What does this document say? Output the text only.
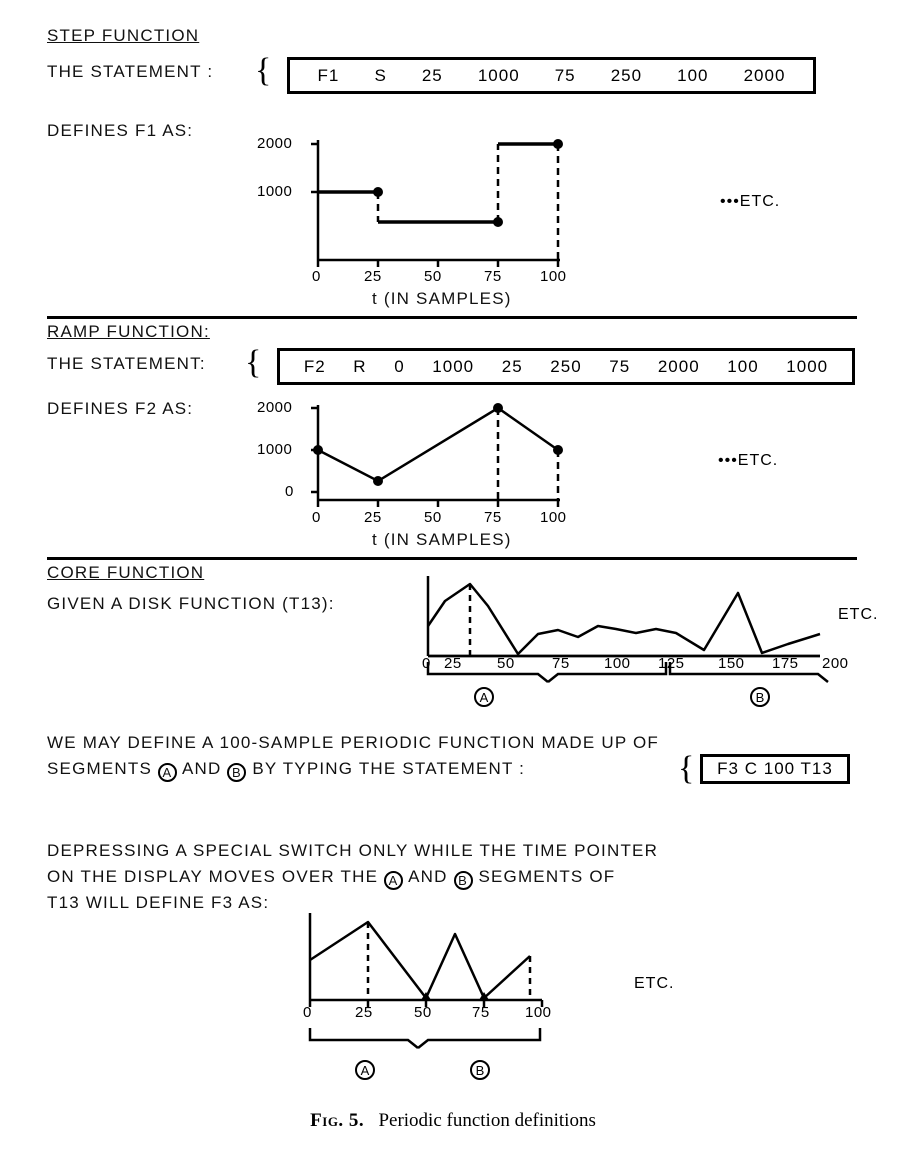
STEP FUNCTION
THE STATEMENT : {	F1 S 25 1000 75 250 100 2000
DEFINES F1 AS:
2000
1000
0	25	50	75	100
•••ETC.
t (IN SAMPLES)
RAMP FUNCTION:
THE STATEMENT: { F2 R 0 1000 25 250 75 2000 100 1000
DEFINES F2 AS:	2000
1000
0
0	25	50	75	100
•••ETC.
t (IN SAMPLES)
CORE FUNCTION
GIVEN A DISK FUNCTION (T13):
ETC.
0 25 50 75 100 125 150 175 200
A	B
WE MAY DEFINE A 100-SAMPLE PERIODIC FUNCTION MADE UP OF
SEGMENTS A AND B BY TYPING THE STATEMENT :	{ F3 C 100 T13
DEPRESSING A SPECIAL SWITCH ONLY WHILE THE TIME POINTER
ON THE DISPLAY MOVES OVER THE A AND B SEGMENTS OF
T13 WILL DEFINE F3 AS:
ETC.
0	25	50	75 100
A	B
Fig. 5. Periodic function definitions
